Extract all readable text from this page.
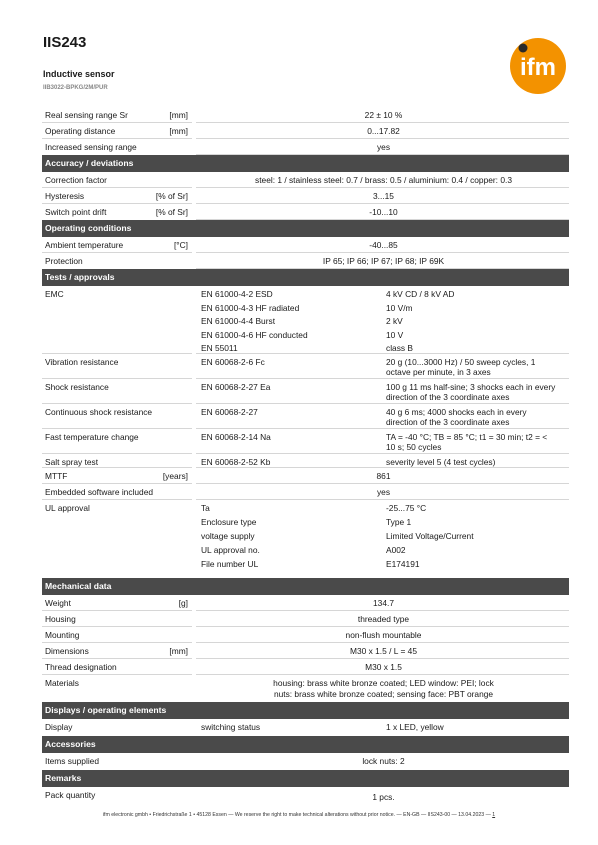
IIS243
Inductive sensor
IIB3022-BPKG/2M/PUR
ifm
Real sensing range Sr	[mm]	22 ± 10 %
Operating distance	[mm]	0...17.82
Increased sensing range	yes
Accuracy / deviations
Correction factor	steel: 1 / stainless steel: 0.7 / brass: 0.5 / aluminium: 0.4 / copper: 0.3
Hysteresis	[% of Sr]	3...15
Switch point drift	[% of Sr]	-10...10
Operating conditions
Ambient temperature	[°C]	-40...85
Protection	IP 65; IP 66; IP 67; IP 68; IP 69K
Tests / approvals
EMC	EN 61000-4-2 ESD	4 kV CD / 8 kV AD
EN 61000-4-3 HF radiated	10 V/m
EN 61000-4-4 Burst	2 kV
EN 61000-4-6 HF conducted	10 V
EN 55011	class B
Vibration resistance	EN 60068-2-6 Fc	20 g (10...3000 Hz) / 50 sweep cycles, 1
octave per minute, in 3 axes
Shock resistance	EN 60068-2-27 Ea	100 g 11 ms half-sine; 3 shocks each in every
direction of the 3 coordinate axes
Continuous shock resistance	EN 60068-2-27	40 g 6 ms; 4000 shocks each in every
direction of the 3 coordinate axes
Fast temperature change	EN 60068-2-14 Na	TA = -40 °C; TB = 85 °C; t1 = 30 min; t2 = <
10 s; 50 cycles
Salt spray test	EN 60068-2-52 Kb	severity level 5 (4 test cycles)
MTTF	[years]	861
Embedded software included	yes
UL approval	Ta	-25...75 °C
Enclosure type	Type 1
voltage supply	Limited Voltage/Current
UL approval no.	A002
File number UL	E174191
Mechanical data
Weight	[g]	134.7
Housing	threaded type
Mounting	non-flush mountable
Dimensions	[mm]	M30 x 1.5 / L = 45
Thread designation	M30 x 1.5
Materials	housing: brass white bronze coated; LED window: PEI; lock
nuts: brass white bronze coated; sensing face: PBT orange
Displays / operating elements
Display	switching status	1 x LED, yellow
Accessories
Items supplied	lock nuts: 2
Remarks
Pack quantity	1 pcs.
ifm electronic gmbh • Friedrichstraße 1 • 45128 Essen — We reserve the right to make technical alterations without prior notice. — EN-GB — IIS243-00 — 13.04.2023 — 1
